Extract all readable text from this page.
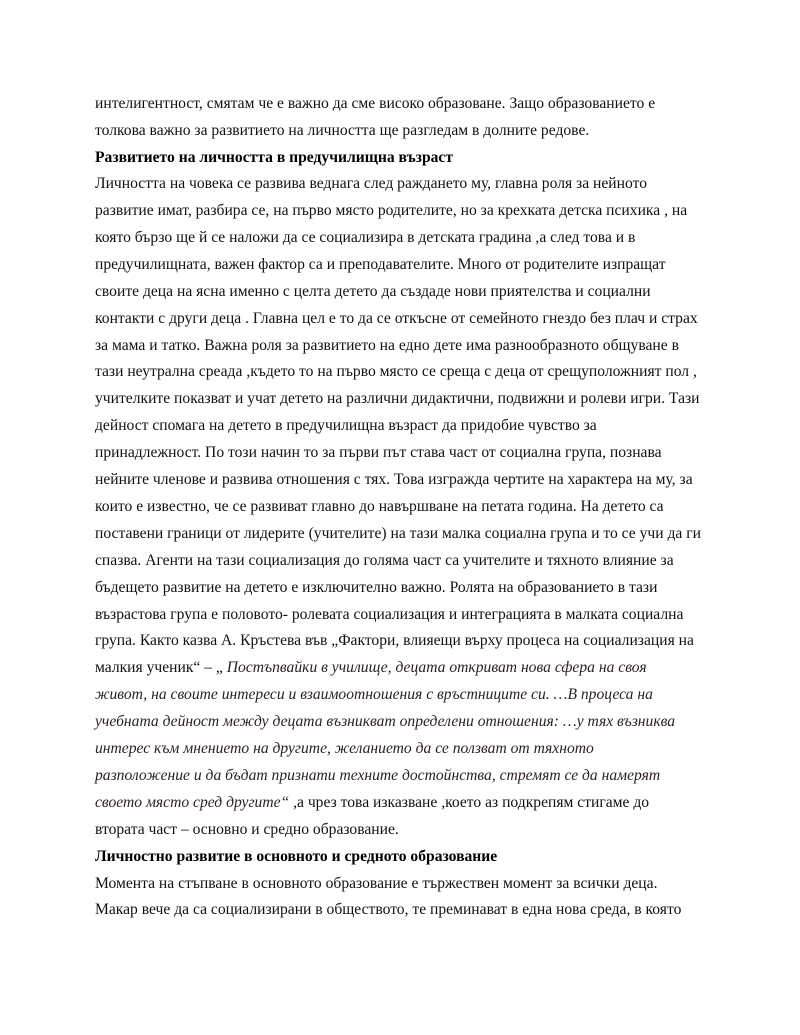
интелигентност, смятам че е важно да сме високо образоване. Защо образованието е

толкова важно за развитието на личността ще разгледам в долните редове.

Развитието на личността в предучилищна възраст

Личността на човека се развива веднага след раждането му, главна роля за нейното

развитие имат, разбира се, на първо място родителите, но за крехката детска психика , на

която бързо ще й се наложи да се социализира в детската градина ,а след това и в

предучилищната, важен фактор са и преподавателите. Много от родителите изпращат

своите деца на ясна именно с целта детето да създаде нови приятелства и социални

контакти с други деца . Главна цел е то да се откъсне от семейното гнездо без плач и страх

за мама и татко. Важна роля за развитието на едно дете има разнообразното общуване в

тази неутрална среада ,където то на първо място се среща с деца от срещуположният пол ,

учителките показват и учат детето на различни дидактични, подвижни и ролеви игри. Тази

дейност спомага на детето в предучилищна възраст да придобие чувство за

принадлежност. По този начин то за първи път става част от социална група, познава

нейните членове и развива отношения с тях. Това изгражда чертите на характера на му, за

които е известно, че се развиват главно до навършване на петата година. На детето са

поставени граници от лидерите (учителите) на тази малка социална група и то се учи да ги

спазва. Агенти на тази социализация до голяма част са учителите и тяхното влияние за

бъдещето развитие на детето е изключително важно. Ролята на образованието в тази

възрастова група е половото- ролевата социализация и интеграцията в малката социална

група. Както казва А. Кръстева във „Фактори, влияещи върху процеса на социализация на

малкия ученик“ – „ Постъпвайки в училище, децата откриват нова сфера на своя

живот, на своите интереси и взаимоотношения с връстниците си. …В процеса на

учебната дейност между децата възникват определени отношения: …у тях възниква

интерес към мнението на другите, желанието да се ползват от тяхното

разположение и да бъдат признати техните достойнства, стремят се да намерят

своето място сред другите“ ,а чрез това изказване ,което аз подкрепям стигаме до

втората част – основно и средно образование.

Личностно развитие в основното и средното образование

Момента на стъпване в основното образование е тържествен момент за всички деца.

Макар вече да са социализирани в обществото, те преминават в една нова среда, в която
